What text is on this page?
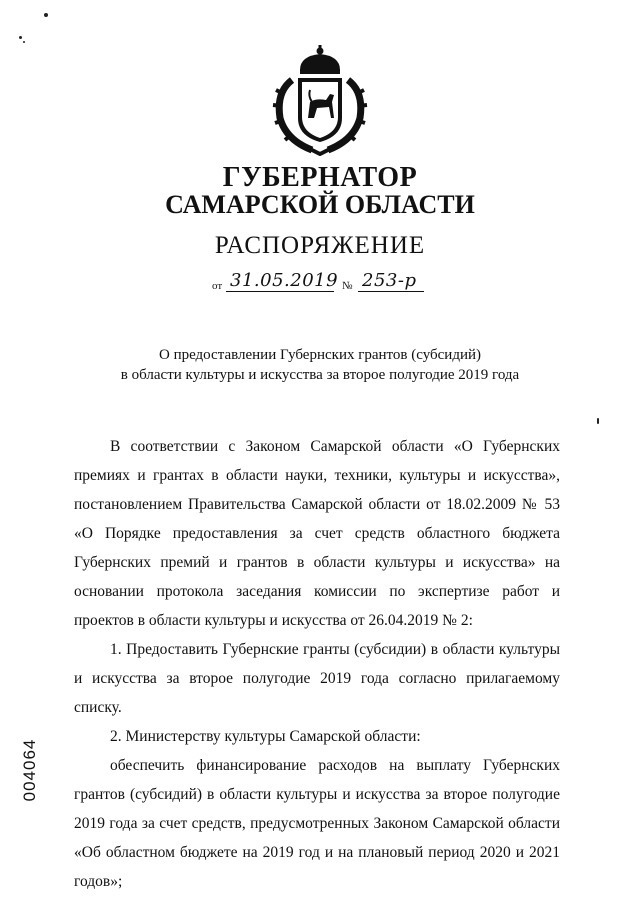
ГУБЕРНАТОР
САМАРСКОЙ ОБЛАСТИ
РАСПОРЯЖЕНИЕ
от 31.05.2019 № 253-р
О предоставлении Губернских грантов (субсидий)
в области культуры и искусства за второе полугодие 2019 года

В соответствии с Законом Самарской области «О Губернских премиях и грантах в области науки, техники, культуры и искусства», постановлением Правительства Самарской области от 18.02.2009 № 53 «О Порядке предоставления за счет средств областного бюджета Губернских премий и грантов в области культуры и искусства» на основании протокола заседания комиссии по экспертизе работ и проектов в области культуры и искусства от 26.04.2019 № 2:

1. Предоставить Губернские гранты (субсидии) в области культуры и искусства за второе полугодие 2019 года согласно прилагаемому списку.

2. Министерству культуры Самарской области:

обеспечить финансирование расходов на выплату Губернских грантов (субсидий) в области культуры и искусства за второе полугодие 2019 года за счет средств, предусмотренных Законом Самарской области «Об областном бюджете на 2019 год и на плановый период 2020 и 2021 годов»;

004064
